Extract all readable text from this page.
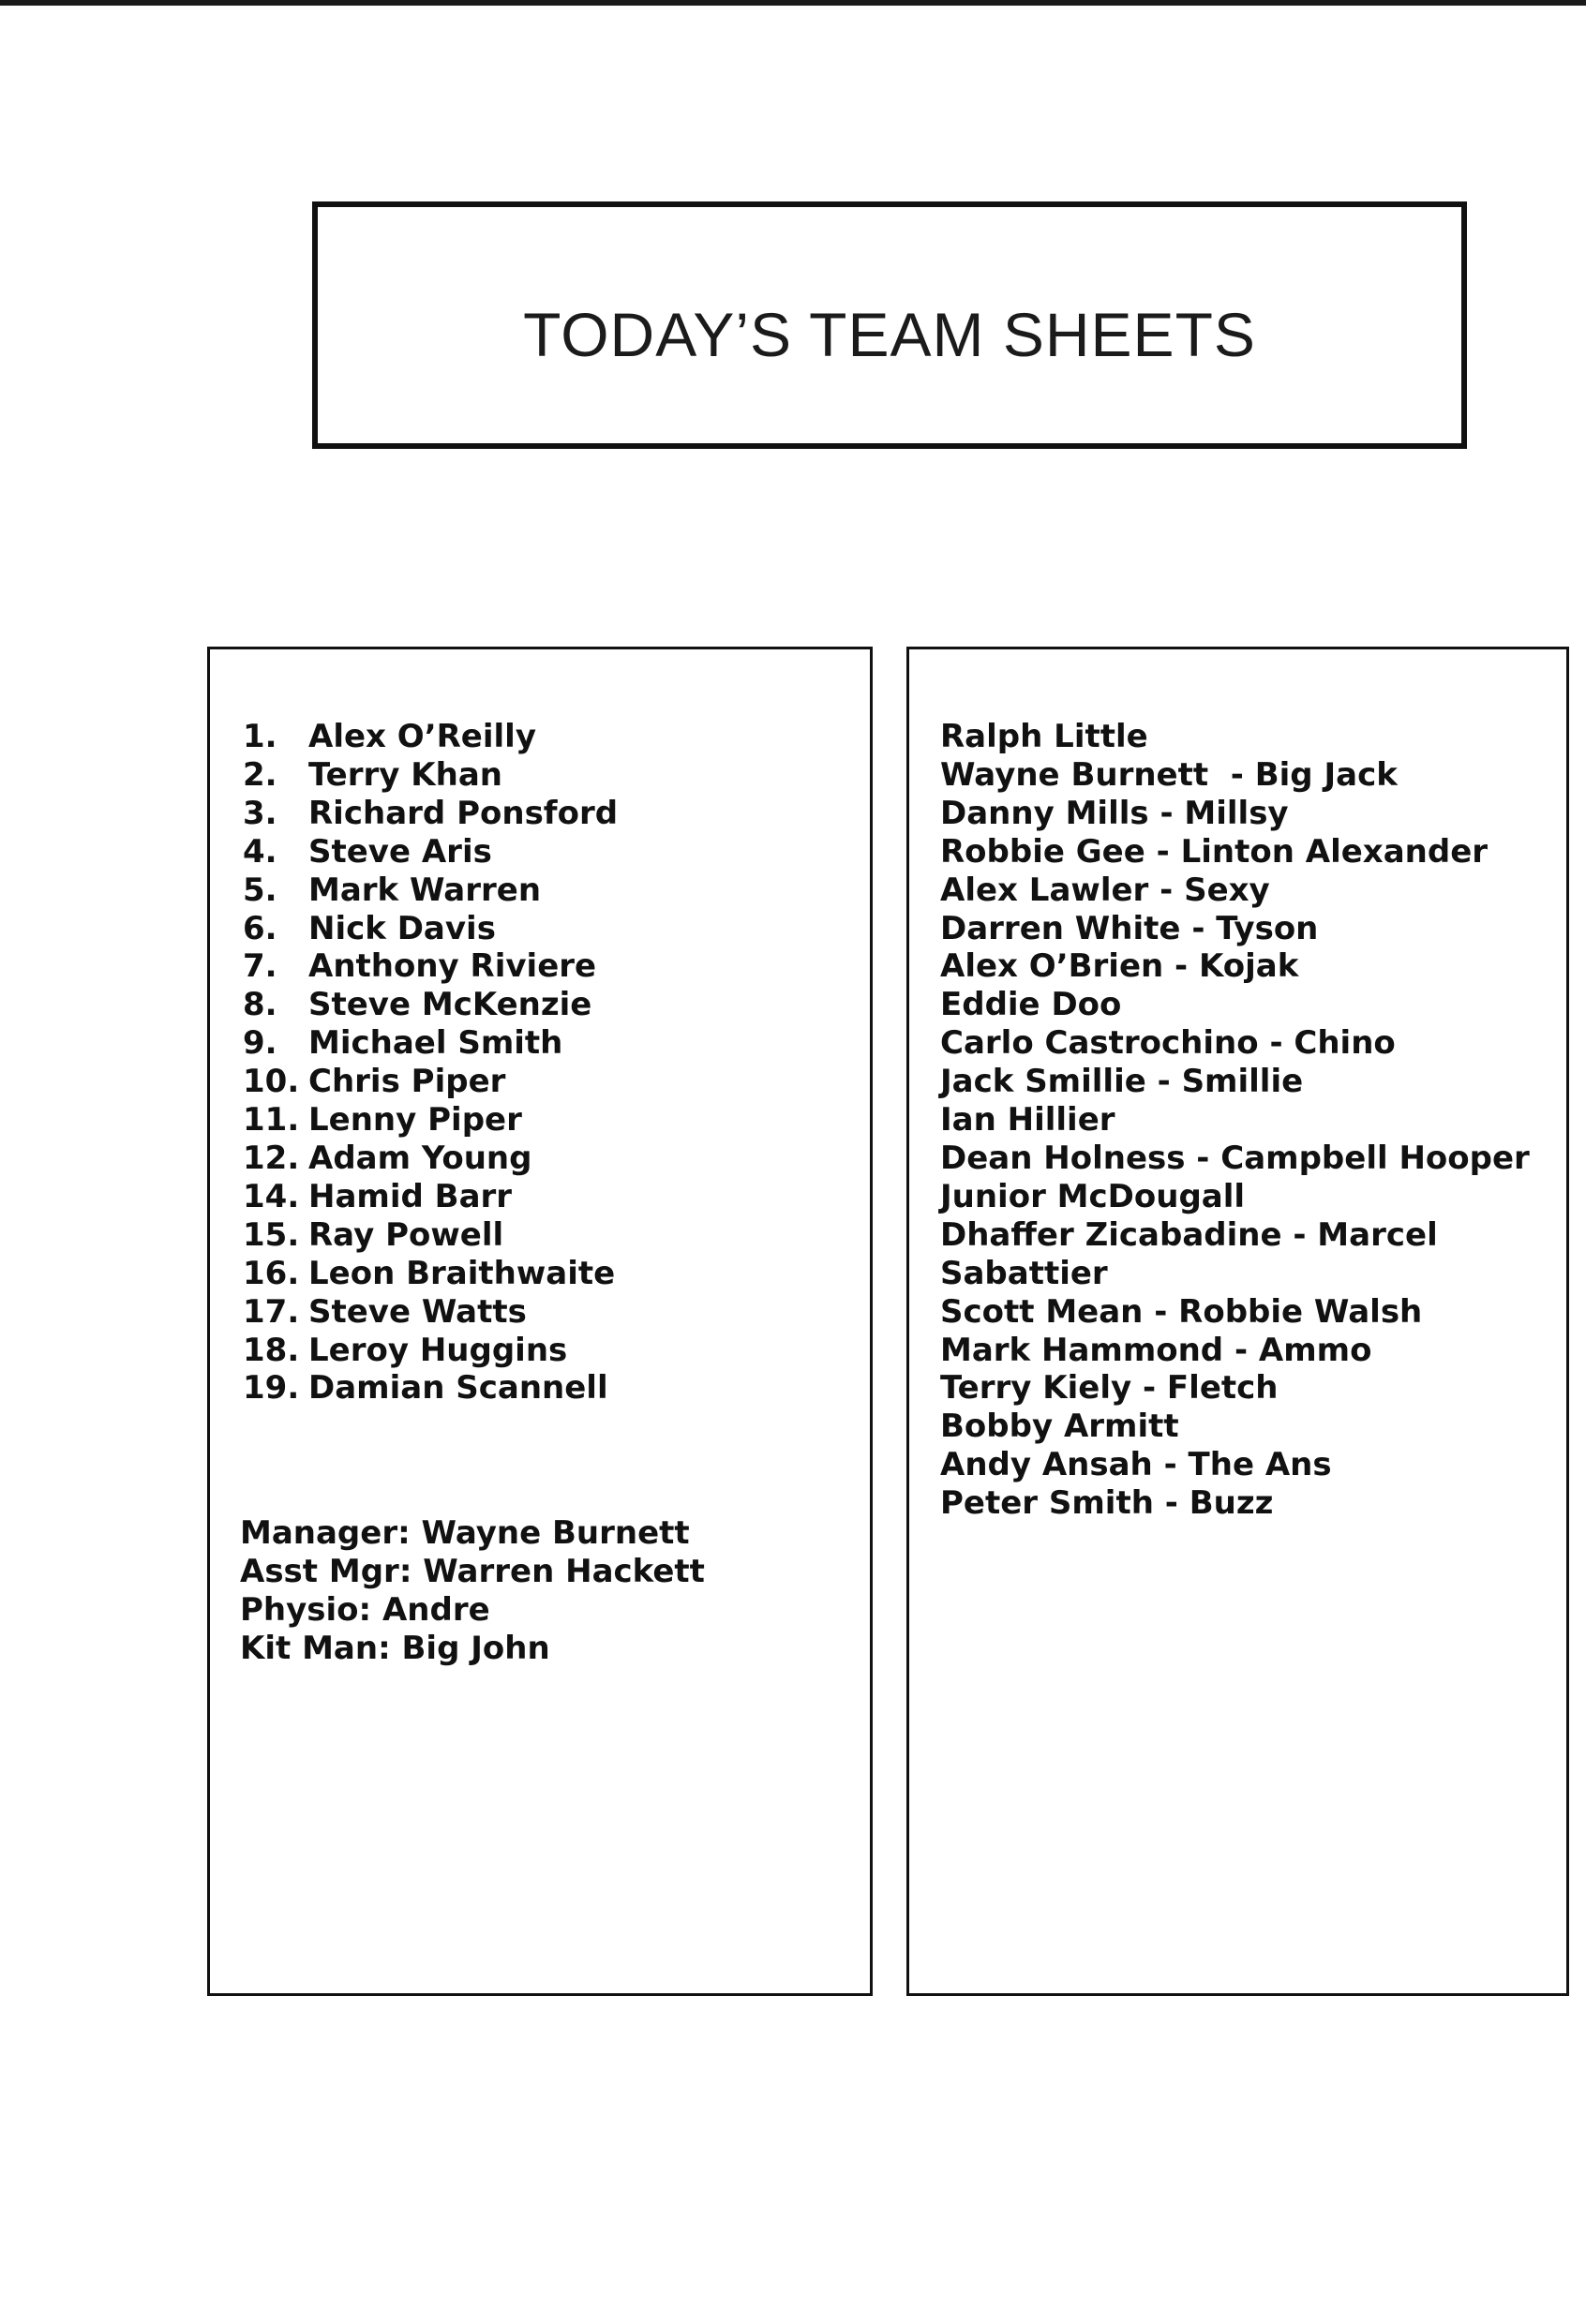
TODAY’S TEAM SHEETS
1. Alex O’Reilly
2. Terry Khan
3. Richard Ponsford
4. Steve Aris
5. Mark Warren
6. Nick Davis
7. Anthony Riviere
8. Steve McKenzie
9. Michael Smith
10. Chris Piper
11. Lenny Piper
12. Adam Young
14. Hamid Barr
15. Ray Powell
16. Leon Braithwaite
17. Steve Watts
18. Leroy Huggins
19. Damian Scannell
Manager: Wayne Burnett
Asst Mgr: Warren Hackett
Physio: Andre
Kit Man: Big John
Ralph Little
Wayne Burnett  - Big Jack
Danny Mills - Millsy
Robbie Gee - Linton Alexander
Alex Lawler - Sexy
Darren White - Tyson
Alex O’Brien - Kojak
Eddie Doo
Carlo Castrochino - Chino
Jack Smillie - Smillie
Ian Hillier
Dean Holness - Campbell Hooper
Junior McDougall
Dhaffer Zicabadine - Marcel
Sabattier
Scott Mean - Robbie Walsh
Mark Hammond - Ammo
Terry Kiely - Fletch
Bobby Armitt
Andy Ansah - The Ans
Peter Smith - Buzz
